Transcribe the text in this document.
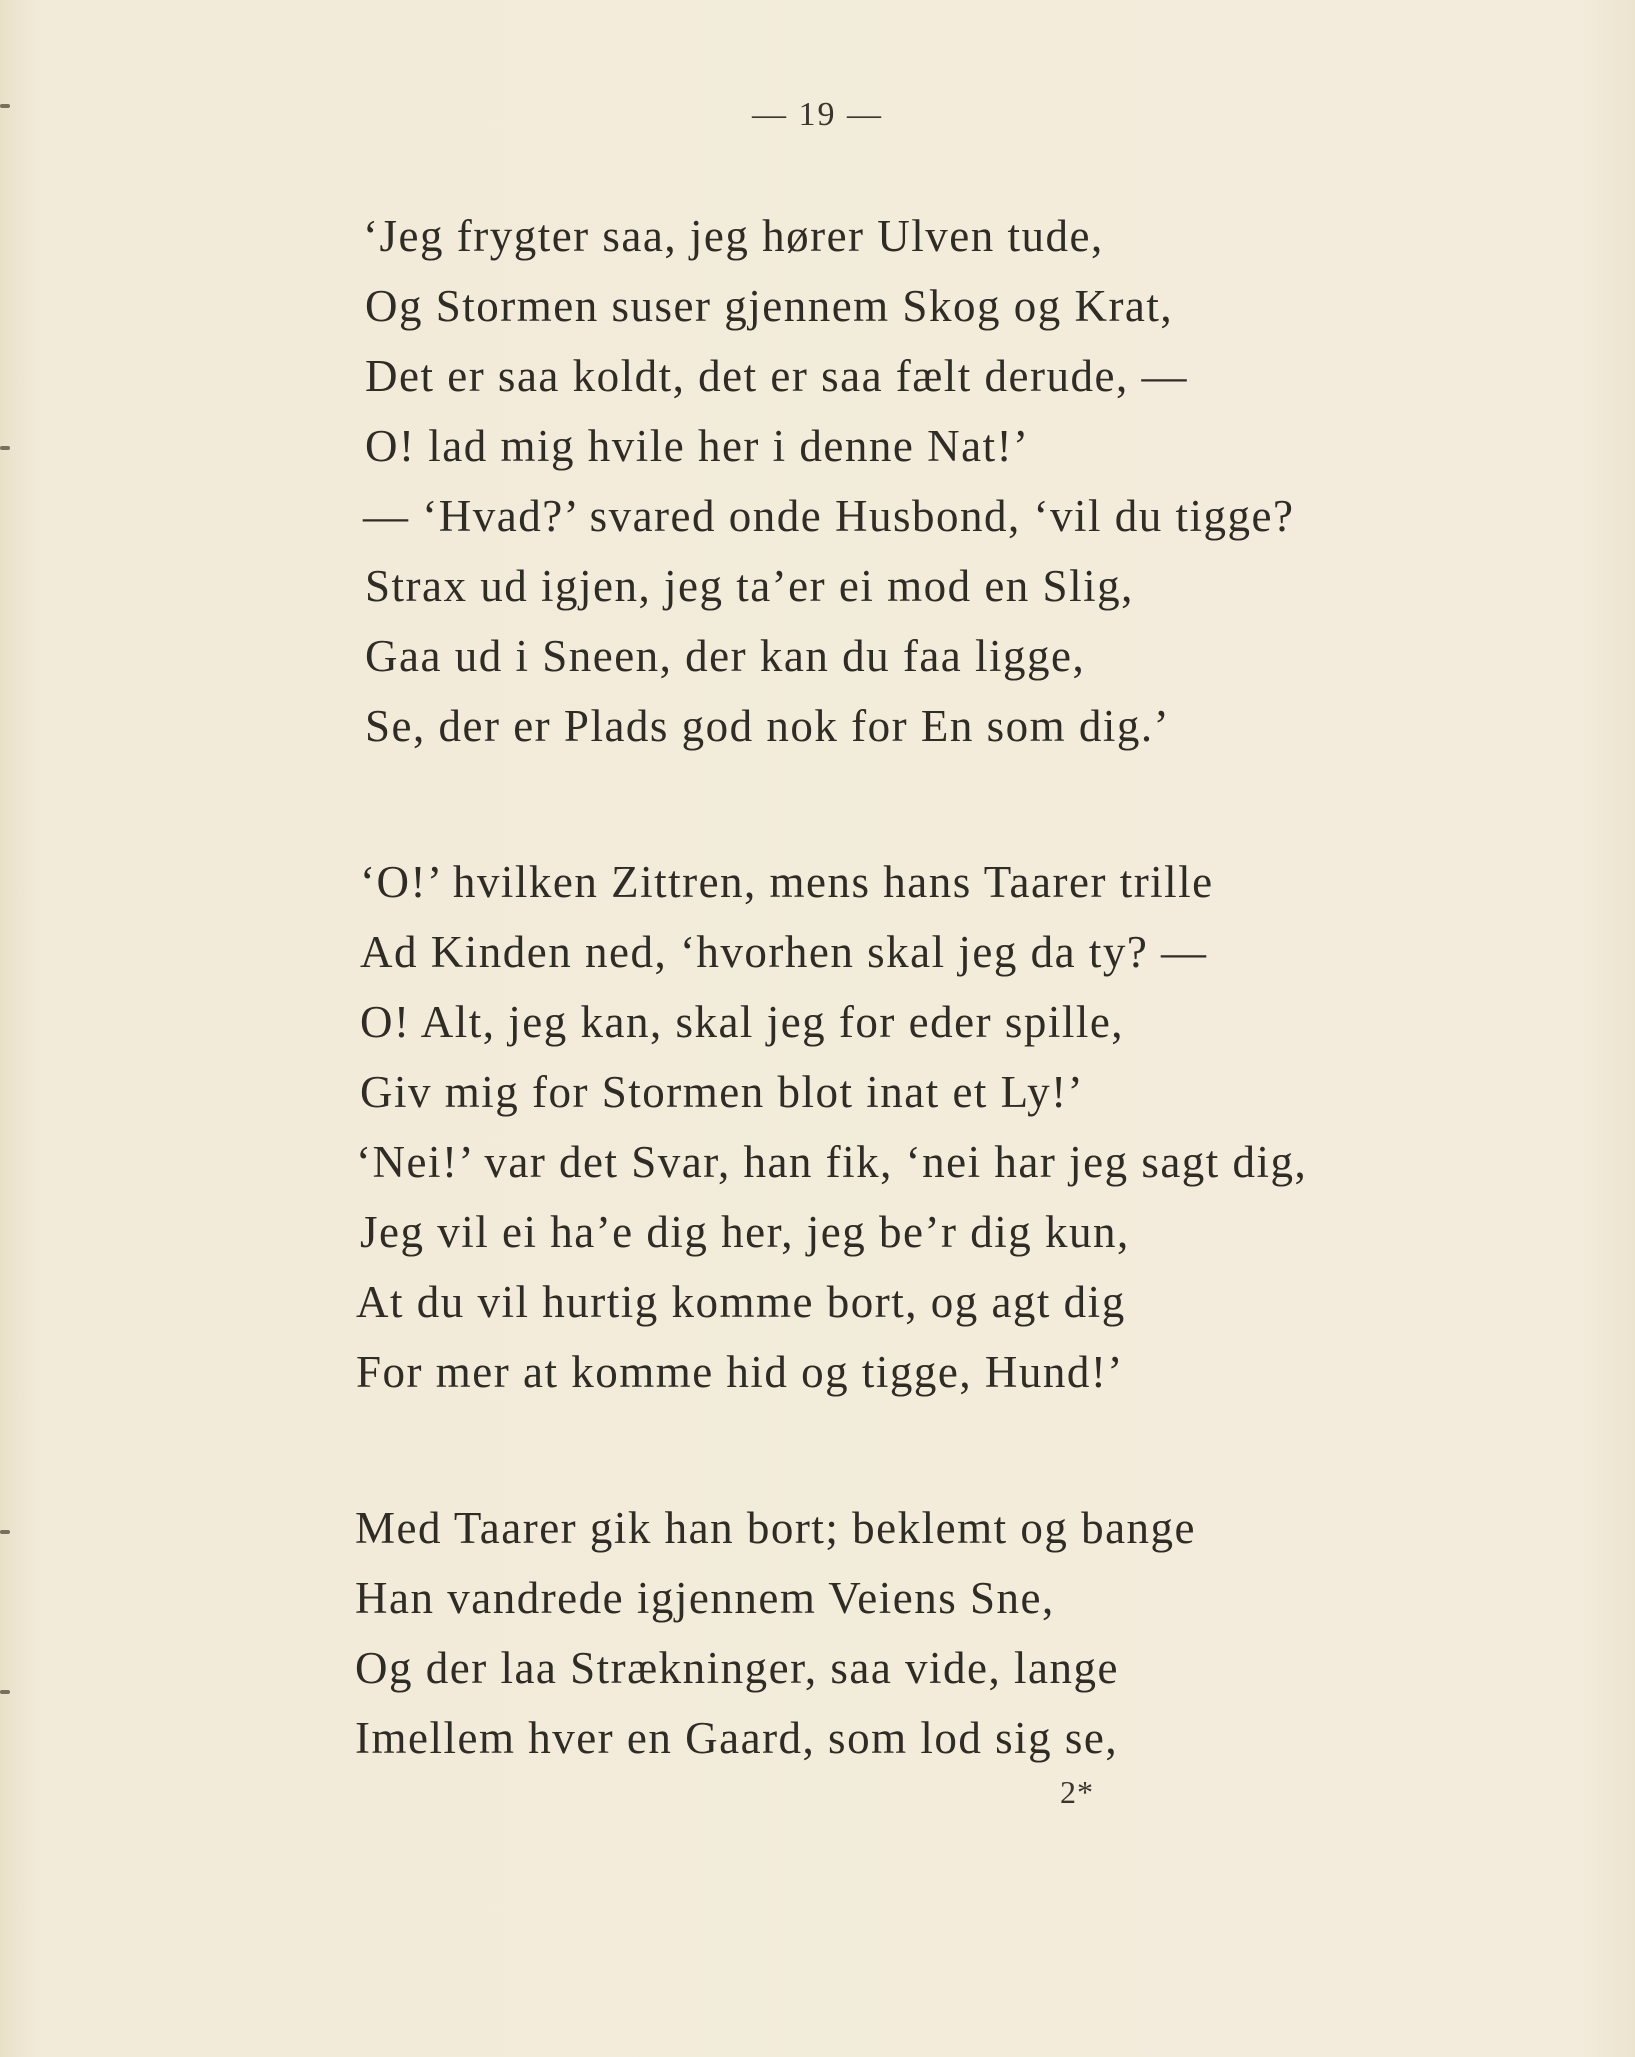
— 19 —
‘Jeg frygter saa, jeg hører Ulven tude,
Og Stormen suser gjennem Skog og Krat,
Det er saa koldt, det er saa fælt derude, —
O! lad mig hvile her i denne Nat!’
— ‘Hvad?’ svared onde Husbond, ‘vil du tigge?
Strax ud igjen, jeg ta’er ei mod en Slig,
Gaa ud i Sneen, der kan du faa ligge,
Se, der er Plads god nok for En som dig.’
‘O!’ hvilken Zittren, mens hans Taarer trille
Ad Kinden ned, ‘hvorhen skal jeg da ty? —
O! Alt, jeg kan, skal jeg for eder spille,
Giv mig for Stormen blot inat et Ly!’
‘Nei!’ var det Svar, han fik, ‘nei har jeg sagt dig,
Jeg vil ei ha’e dig her, jeg be’r dig kun,
At du vil hurtig komme bort, og agt dig
For mer at komme hid og tigge, Hund!’
Med Taarer gik han bort; beklemt og bange
Han vandrede igjennem Veiens Sne,
Og der laa Strækninger, saa vide, lange
Imellem hver en Gaard, som lod sig se,
2*
